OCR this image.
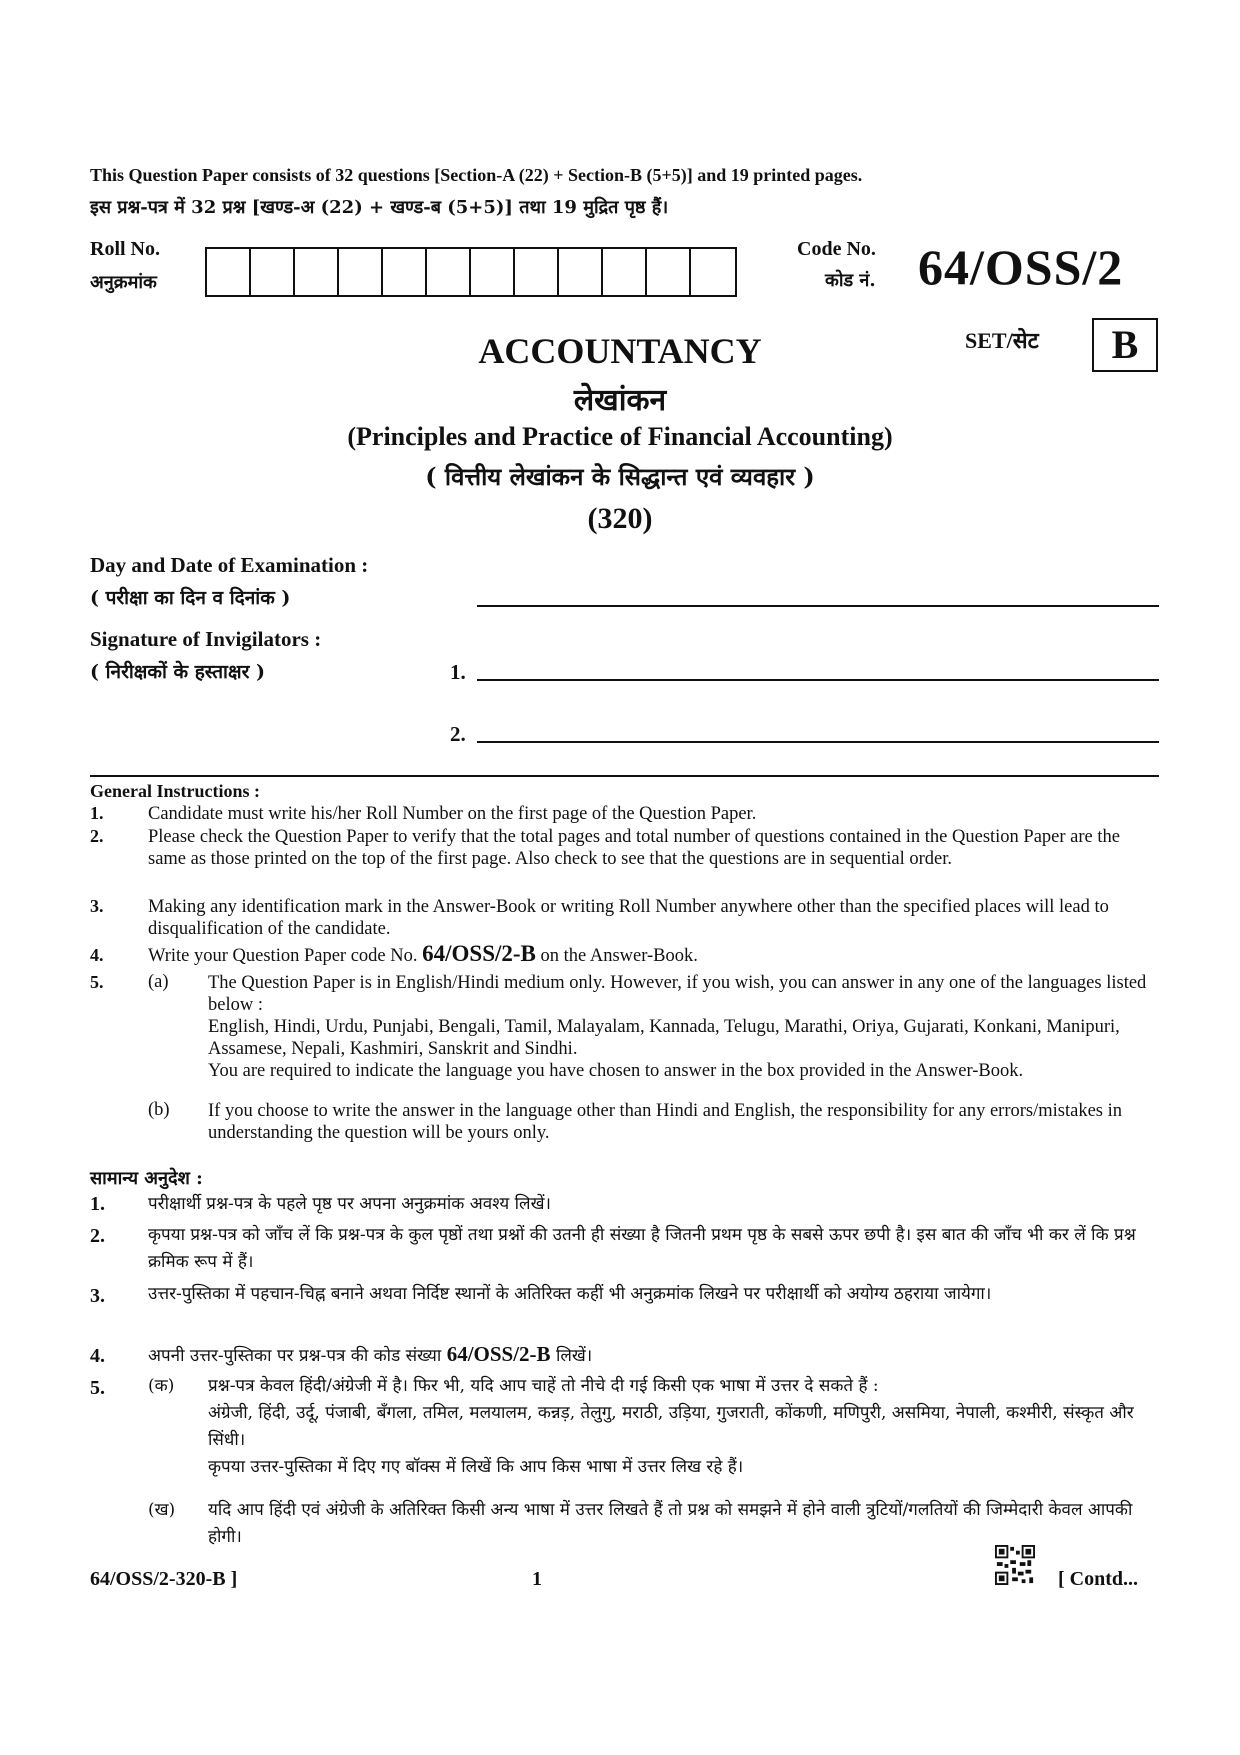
This Question Paper consists of 32 questions [Section-A (22) + Section-B (5+5)] and 19 printed pages.
इस प्रश्न-पत्र में 32 प्रश्न [खण्ड-अ (22) + खण्ड-ब (5+5)] तथा 19 मुद्रित पृष्ठ हैं।
Roll No.
अनुक्रमांक
Code No.
कोड नं. 64/OSS/2
SET/सेट	B
ACCOUNTANCY
लेखांकन
(Principles and Practice of Financial Accounting)
( वित्तीय लेखांकन के सिद्धान्त एवं व्यवहार )
(320)
Day and Date of Examination :
( परीक्षा का दिन व दिनांक )
Signature of Invigilators :
( निरीक्षकों के हस्ताक्षर )	1.
2.
General Instructions :
1.	Candidate must write his/her Roll Number on the first page of the Question Paper.
2.	Please check the Question Paper to verify that the total pages and total number of questions contained in the Question Paper are the same as those printed on the top of the first page. Also check to see that the questions are in sequential order.
3.	Making any identification mark in the Answer-Book or writing Roll Number anywhere other than the specified places will lead to disqualification of the candidate.
4.	Write your Question Paper code No. 64/OSS/2-B on the Answer-Book.
5.	(a) The Question Paper is in English/Hindi medium only. However, if you wish, you can answer in any one of the languages listed below :
English, Hindi, Urdu, Punjabi, Bengali, Tamil, Malayalam, Kannada, Telugu, Marathi, Oriya, Gujarati, Konkani, Manipuri, Assamese, Nepali, Kashmiri, Sanskrit and Sindhi.
You are required to indicate the language you have chosen to answer in the box provided in the Answer-Book.
(b) If you choose to write the answer in the language other than Hindi and English, the responsibility for any errors/mistakes in understanding the question will be yours only.
सामान्य अनुदेश :
1.	परीक्षार्थी प्रश्न-पत्र के पहले पृष्ठ पर अपना अनुक्रमांक अवश्य लिखें।
2.	कृपया प्रश्न-पत्र को जाँच लें कि प्रश्न-पत्र के कुल पृष्ठों तथा प्रश्नों की उतनी ही संख्या है जितनी प्रथम पृष्ठ के सबसे ऊपर छपी है। इस बात की जाँच भी कर लें कि प्रश्न क्रमिक रूप में हैं।
3.	उत्तर-पुस्तिका में पहचान-चिह्न बनाने अथवा निर्दिष्ट स्थानों के अतिरिक्त कहीं भी अनुक्रमांक लिखने पर परीक्षार्थी को अयोग्य ठहराया जायेगा।
4.	अपनी उत्तर-पुस्तिका पर प्रश्न-पत्र की कोड संख्या 64/OSS/2-B लिखें।
5.	(क) प्रश्न-पत्र केवल हिंदी/अंग्रेजी में है। फिर भी, यदि आप चाहें तो नीचे दी गई किसी एक भाषा में उत्तर दे सकते हैं :
अंग्रेजी, हिंदी, उर्दू, पंजाबी, बँगला, तमिल, मलयालम, कन्नड़, तेलुगु, मराठी, उड़िया, गुजराती, कोंकणी, मणिपुरी, असमिया, नेपाली, कश्मीरी, संस्कृत और सिंधी।
कृपया उत्तर-पुस्तिका में दिए गए बॉक्स में लिखें कि आप किस भाषा में उत्तर लिख रहे हैं।
(ख) यदि आप हिंदी एवं अंग्रेजी के अतिरिक्त किसी अन्य भाषा में उत्तर लिखते हैं तो प्रश्न को समझने में होने वाली त्रुटियों/गलतियों की जिम्मेदारी केवल आपकी होगी।
64/OSS/2-320-B ]	1	[ Contd...
